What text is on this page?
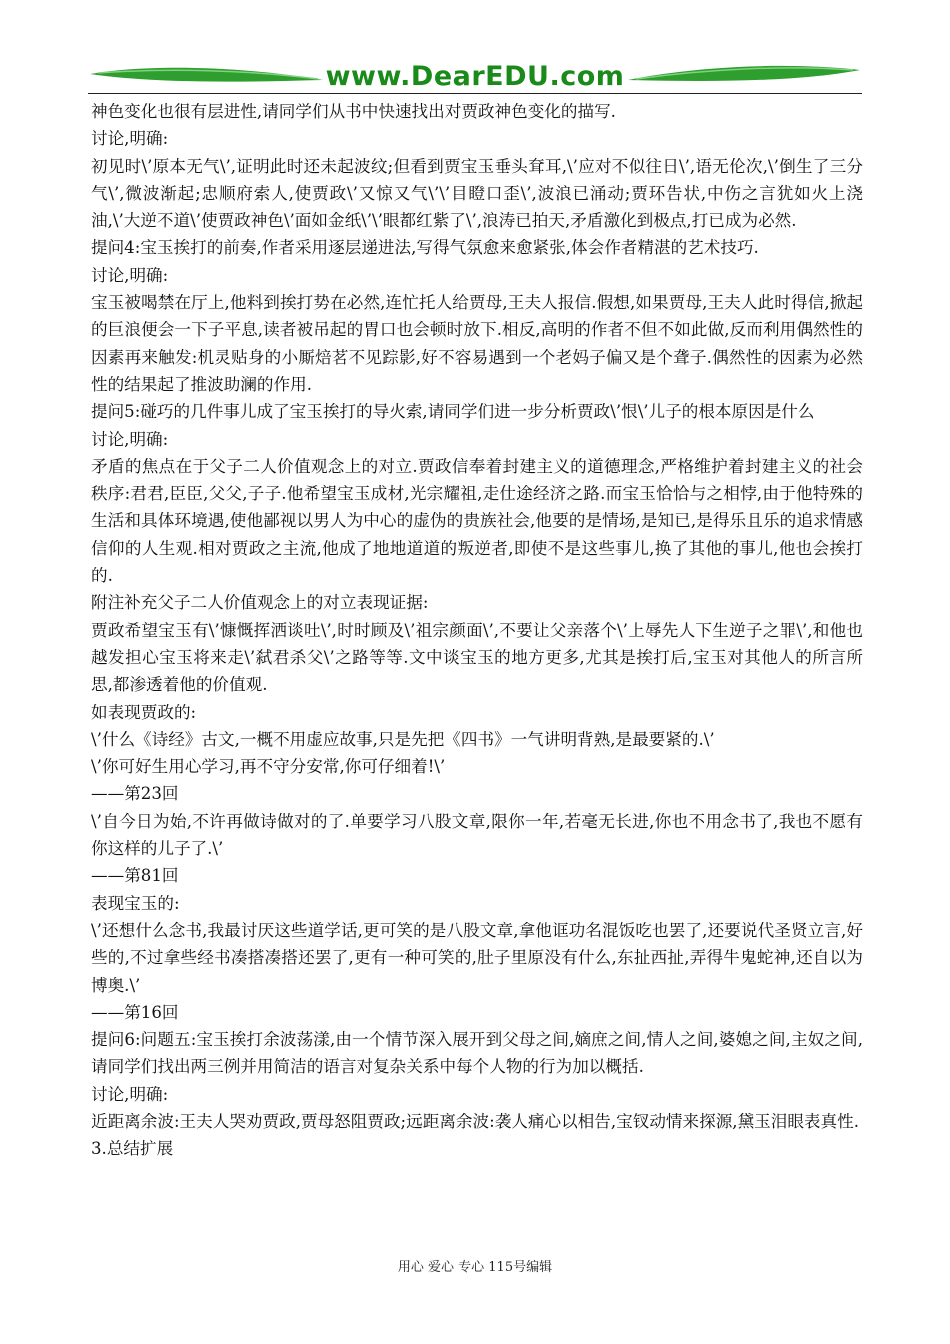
www.DearEDU.com

神色变化也很有层进性,请同学们从书中快速找出对贾政神色变化的描写.

讨论,明确:

初见时\’原本无气\’,证明此时还未起波纹;但看到贾宝玉垂头耷耳,\’应对不似往日\’,语无伦次,\’倒生了三分气\’,微波渐起;忠顺府索人,使贾政\’又惊又气\’\’目瞪口歪\’,波浪已涌动;贾环告状,中伤之言犹如火上浇油,\’大逆不道\’使贾政神色\’面如金纸\’\’眼都红紫了\’,浪涛已拍天,矛盾激化到极点,打已成为必然.

提问4:宝玉挨打的前奏,作者采用逐层递进法,写得气氛愈来愈紧张,体会作者精湛的艺术技巧.

讨论,明确:

宝玉被喝禁在厅上,他料到挨打势在必然,连忙托人给贾母,王夫人报信.假想,如果贾母,王夫人此时得信,掀起的巨浪便会一下子平息,读者被吊起的胃口也会顿时放下.相反,高明的作者不但不如此做,反而利用偶然性的因素再来触发:机灵贴身的小厮焙茗不见踪影,好不容易遇到一个老妈子偏又是个聋子.偶然性的因素为必然性的结果起了推波助澜的作用.

提问5:碰巧的几件事儿成了宝玉挨打的导火索,请同学们进一步分析贾政\’恨\’儿子的根本原因是什么

讨论,明确:

矛盾的焦点在于父子二人价值观念上的对立.贾政信奉着封建主义的道德理念,严格维护着封建主义的社会秩序:君君,臣臣,父父,子子.他希望宝玉成材,光宗耀祖,走仕途经济之路.而宝玉恰恰与之相悖,由于他特殊的生活和具体环境遇,使他鄙视以男人为中心的虚伪的贵族社会,他要的是情场,是知已,是得乐且乐的追求情感信仰的人生观.相对贾政之主流,他成了地地道道的叛逆者,即使不是这些事儿,换了其他的事儿,他也会挨打的.

附注补充父子二人价值观念上的对立表现证据:

贾政希望宝玉有\’慷慨挥洒谈吐\’,时时顾及\’祖宗颜面\’,不要让父亲落个\’上辱先人下生逆子之罪\’,和他也越发担心宝玉将来走\’弑君杀父\’之路等等.文中谈宝玉的地方更多,尤其是挨打后,宝玉对其他人的所言所思,都渗透着他的价值观.

如表现贾政的:

\’什么《诗经》古文,一概不用虚应故事,只是先把《四书》一气讲明背熟,是最要紧的.\’

\’你可好生用心学习,再不守分安常,你可仔细着!\’

——第23回

\’自今日为始,不许再做诗做对的了.单要学习八股文章,限你一年,若毫无长进,你也不用念书了,我也不愿有你这样的儿子了.\’

——第81回

表现宝玉的:

\’还想什么念书,我最讨厌这些道学话,更可笑的是八股文章,拿他诓功名混饭吃也罢了,还要说代圣贤立言,好些的,不过拿些经书凑搭凑搭还罢了,更有一种可笑的,肚子里原没有什么,东扯西扯,弄得牛鬼蛇神,还自以为博奥.\’

——第16回

提问6:问题五:宝玉挨打余波荡漾,由一个情节深入展开到父母之间,嫡庶之间,情人之间,婆媳之间,主奴之间,请同学们找出两三例并用简洁的语言对复杂关系中每个人物的行为加以概括.

讨论,明确:

近距离余波:王夫人哭劝贾政,贾母怒阻贾政;远距离余波:袭人痛心以相告,宝钗动情来探源,黛玉泪眼表真性.

3.总结扩展

用心 爱心 专心 115号编辑
